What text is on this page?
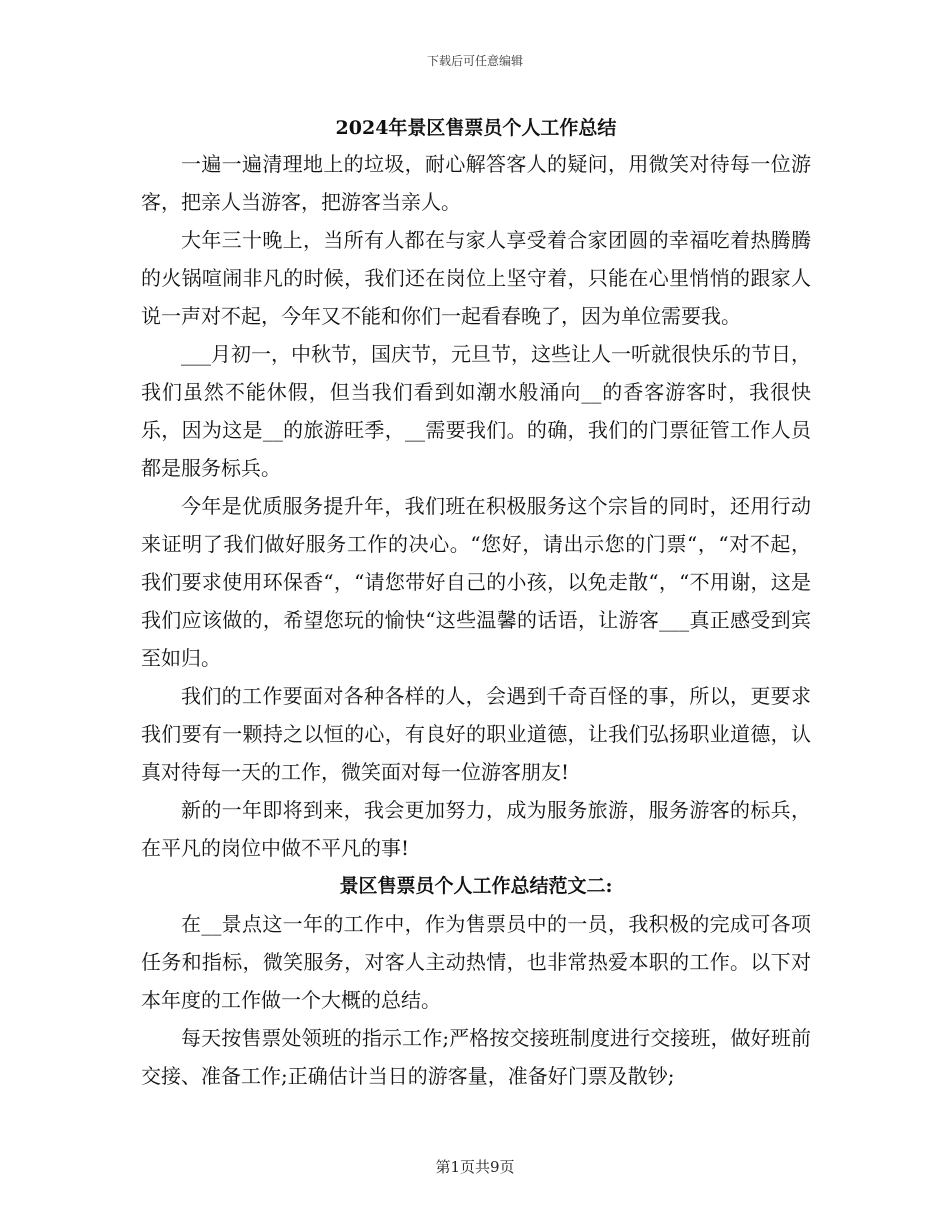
下载后可任意编辑
2024年景区售票员个人工作总结

一遍一遍清理地上的垃圾，耐心解答客人的疑问，用微笑对待每一位游客，把亲人当游客，把游客当亲人。

大年三十晚上，当所有人都在与家人享受着合家团圆的幸福吃着热腾腾的火锅喧闹非凡的时候，我们还在岗位上坚守着，只能在心里悄悄的跟家人说一声对不起，今年又不能和你们一起看春晚了，因为单位需要我。

___月初一，中秋节，国庆节，元旦节，这些让人一听就很快乐的节日，我们虽然不能休假，但当我们看到如潮水般涌向__的香客游客时，我很快乐，因为这是__的旅游旺季，__需要我们。的确，我们的门票征管工作人员都是服务标兵。

今年是优质服务提升年，我们班在积极服务这个宗旨的同时，还用行动来证明了我们做好服务工作的决心。“您好，请出示您的门票“，“对不起，我们要求使用环保香“，“请您带好自己的小孩，以免走散“，“不用谢，这是我们应该做的，希望您玩的愉快“这些温馨的话语，让游客___真正感受到宾至如归。

我们的工作要面对各种各样的人，会遇到千奇百怪的事，所以，更要求我们要有一颗持之以恒的心，有良好的职业道德，让我们弘扬职业道德，认真对待每一天的工作，微笑面对每一位游客朋友!

新的一年即将到来，我会更加努力，成为服务旅游，服务游客的标兵，在平凡的岗位中做不平凡的事!

景区售票员个人工作总结范文二:

在__景点这一年的工作中，作为售票员中的一员，我积极的完成可各项任务和指标，微笑服务，对客人主动热情，也非常热爱本职的工作。以下对本年度的工作做一个大概的总结。

每天按售票处领班的指示工作;严格按交接班制度进行交接班，做好班前交接、准备工作;正确估计当日的游客量，准备好门票及散钞;

第1页共9页
